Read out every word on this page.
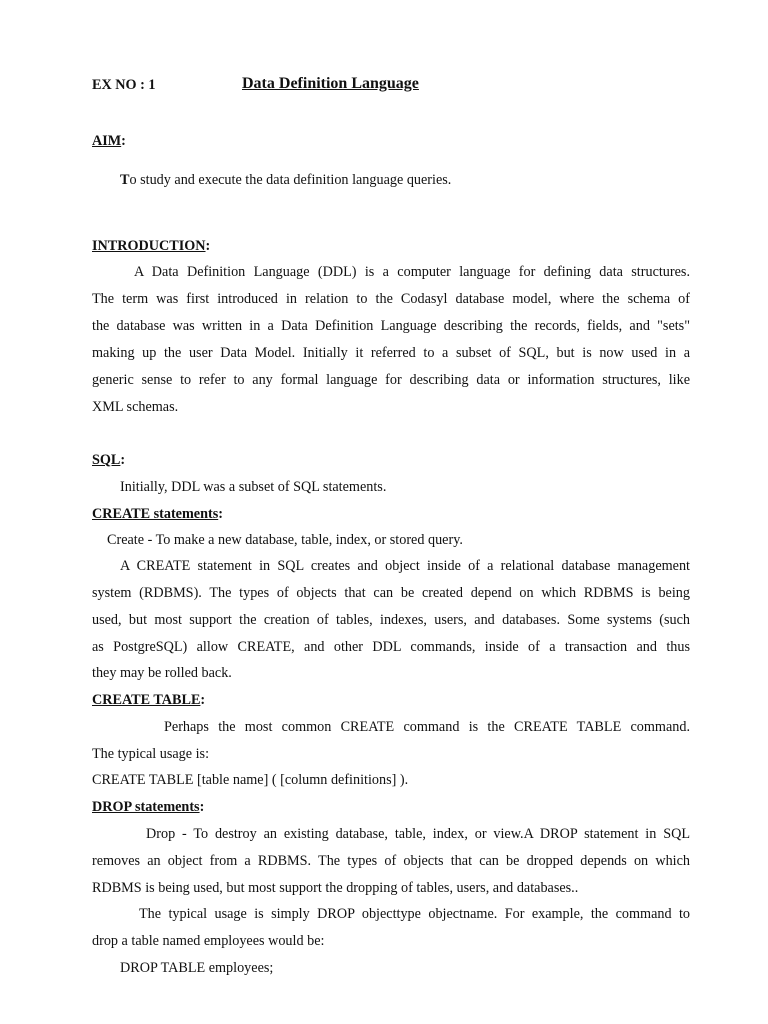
EX NO : 1	Data Definition Language
AIM:
To study and execute the data definition language queries.
INTRODUCTION:
A Data Definition Language (DDL) is a computer language for defining data structures.
The term was first introduced in relation to the Codasyl database model, where the schema of
the database was written in a Data Definition Language describing the records, fields, and "sets"
making up the user Data Model. Initially it referred to a subset of SQL, but is now used in a
generic sense to refer to any formal language for describing data or information structures, like
XML schemas.
SQL:
Initially, DDL was a subset of SQL statements.
CREATE statements:
Create - To make a new database, table, index, or stored query.
A CREATE statement in SQL creates and object inside of a relational database management
system (RDBMS). The types of objects that can be created depend on which RDBMS is being
used, but most support the creation of tables, indexes, users, and databases. Some systems (such
as PostgreSQL) allow CREATE, and other DDL commands, inside of a transaction and thus
they may be rolled back.
CREATE TABLE:
Perhaps the most common CREATE command is the CREATE TABLE command.
The typical usage is:
CREATE TABLE [table name] ( [column definitions] ).
DROP statements:
Drop - To destroy an existing database, table, index, or view.A DROP statement in SQL
removes an object from a RDBMS. The types of objects that can be dropped depends on which
RDBMS is being used, but most support the dropping of tables, users, and databases..
The typical usage is simply DROP objecttype objectname. For example, the command to
drop a table named employees would be:
DROP TABLE employees;
